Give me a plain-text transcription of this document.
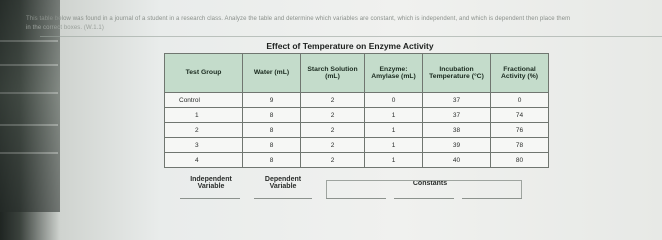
This table below was found in a journal of a student in a research class. Analyze the table and determine which variables are constant, which is independent, and which is dependent then place them
in the correct boxes. (W.1.1)
Effect of Temperature on Enzyme Activity
Test Group	Water (mL)	Starch Solution (mL)	Enzyme: Amylase (mL)	Incubation Temperature (°C)	Fractional Activity (%)
Control	9	2	0	37	0
1	8	2	1	37	74
2	8	2	1	38	76
3	8	2	1	39	78
4	8	2	1	40	80
Independent Variable
Dependent Variable	Constants
